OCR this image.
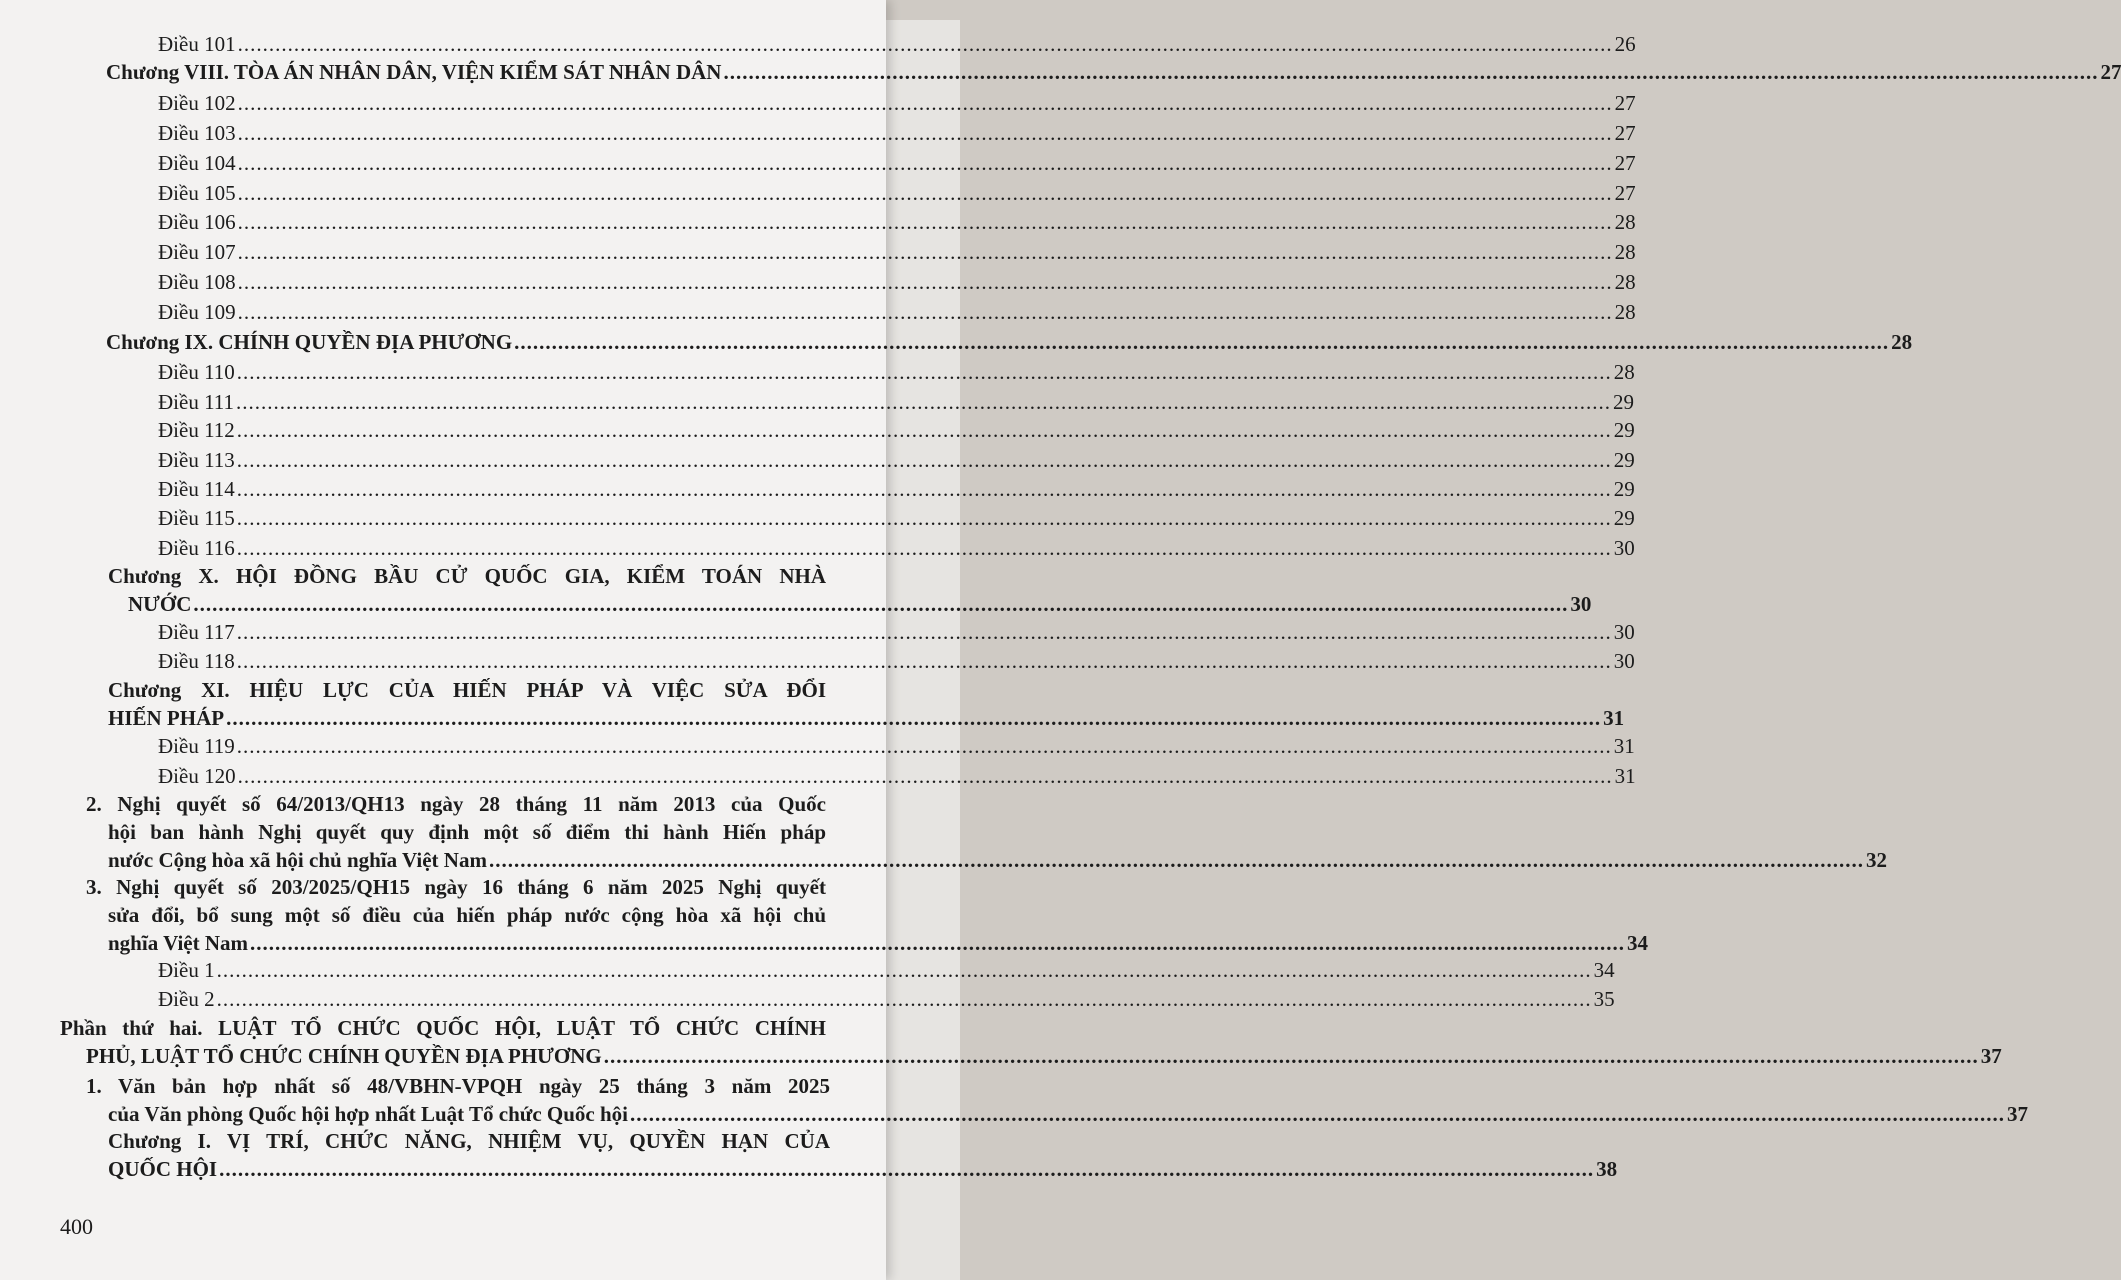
Điều 101 ............................................................................................................................................................................................................................ 26
Chương VIII. TÒA ÁN NHÂN DÂN, VIỆN KIỂM SÁT NHÂN DÂN ............................................................................................................................................................................................................................ 27
Điều 102 ............................................................................................................................................................................................................................ 27
Điều 103 ............................................................................................................................................................................................................................ 27
Điều 104 ............................................................................................................................................................................................................................ 27
Điều 105 ............................................................................................................................................................................................................................ 27
Điều 106 ............................................................................................................................................................................................................................ 28
Điều 107 ............................................................................................................................................................................................................................ 28
Điều 108 ............................................................................................................................................................................................................................ 28
Điều 109 ............................................................................................................................................................................................................................ 28
Chương IX. CHÍNH QUYỀN ĐỊA PHƯƠNG ............................................................................................................................................................................................................................ 28
Điều 110 ............................................................................................................................................................................................................................ 28
Điều 111 ............................................................................................................................................................................................................................ 29
Điều 112 ............................................................................................................................................................................................................................ 29
Điều 113 ............................................................................................................................................................................................................................ 29
Điều 114 ............................................................................................................................................................................................................................ 29
Điều 115 ............................................................................................................................................................................................................................ 29
Điều 116 ............................................................................................................................................................................................................................ 30
Chương X. HỘI ĐỒNG BẦU CỬ QUỐC GIA, KIỂM TOÁN NHÀ
NƯỚC ............................................................................................................................................................................................................................ 30
Điều 117 ............................................................................................................................................................................................................................ 30
Điều 118 ............................................................................................................................................................................................................................ 30
Chương XI. HIỆU LỰC CỦA HIẾN PHÁP VÀ VIỆC SỬA ĐỔI
HIẾN PHÁP ............................................................................................................................................................................................................................ 31
Điều 119 ............................................................................................................................................................................................................................ 31
Điều 120 ............................................................................................................................................................................................................................ 31
2. Nghị quyết số 64/2013/QH13 ngày 28 tháng 11 năm 2013 của Quốc
hội ban hành Nghị quyết quy định một số điểm thi hành Hiến pháp
nước Cộng hòa xã hội chủ nghĩa Việt Nam ............................................................................................................................................................................................................................ 32
3. Nghị quyết số 203/2025/QH15 ngày 16 tháng 6 năm 2025 Nghị quyết
sửa đổi, bổ sung một số điều của hiến pháp nước cộng hòa xã hội chủ
nghĩa Việt Nam ............................................................................................................................................................................................................................ 34
Điều 1 ............................................................................................................................................................................................................................ 34
Điều 2 ............................................................................................................................................................................................................................ 35
Phần thứ hai. LUẬT TỔ CHỨC QUỐC HỘI, LUẬT TỔ CHỨC CHÍNH
PHỦ, LUẬT TỔ CHỨC CHÍNH QUYỀN ĐỊA PHƯƠNG ............................................................................................................................................................................................................................ 37
1. Văn bản hợp nhất số 48/VBHN-VPQH ngày 25 tháng 3 năm 2025
của Văn phòng Quốc hội hợp nhất Luật Tổ chức Quốc hội ............................................................................................................................................................................................................................ 37
Chương I. VỊ TRÍ, CHỨC NĂNG, NHIỆM VỤ, QUYỀN HẠN CỦA
QUỐC HỘI ............................................................................................................................................................................................................................ 38
400
